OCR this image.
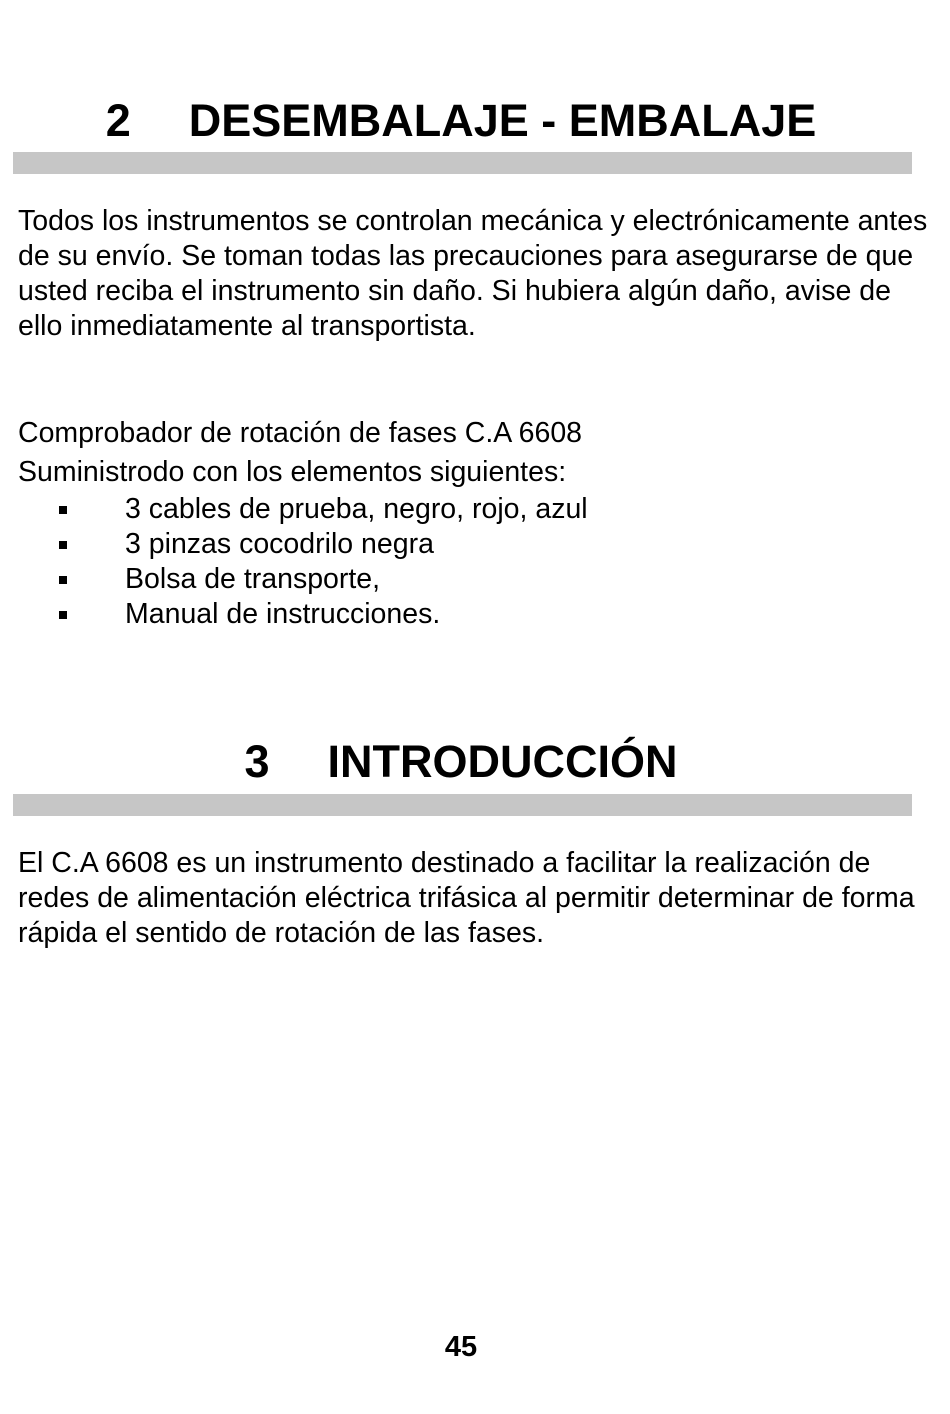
2 DESEMBALAJE - EMBALAJE

Todos los instrumentos se controlan mecánica y electrónicamente antes de su envío. Se toman todas las precauciones para asegurarse de que usted reciba el instrumento sin daño. Si hubiera algún daño, avise de ello inmediatamente al transportista.

Comprobador de rotación de fases C.A 6608
Suministrodo con los elementos siguientes:
3 cables de prueba, negro, rojo, azul
3 pinzas cocodrilo negra
Bolsa de transporte,
Manual de instrucciones.
3 INTRODUCCIÓN

El C.A 6608 es un instrumento destinado a facilitar la realización de redes de alimentación eléctrica trifásica al permitir determinar de forma rápida el sentido de rotación de las fases.

45
